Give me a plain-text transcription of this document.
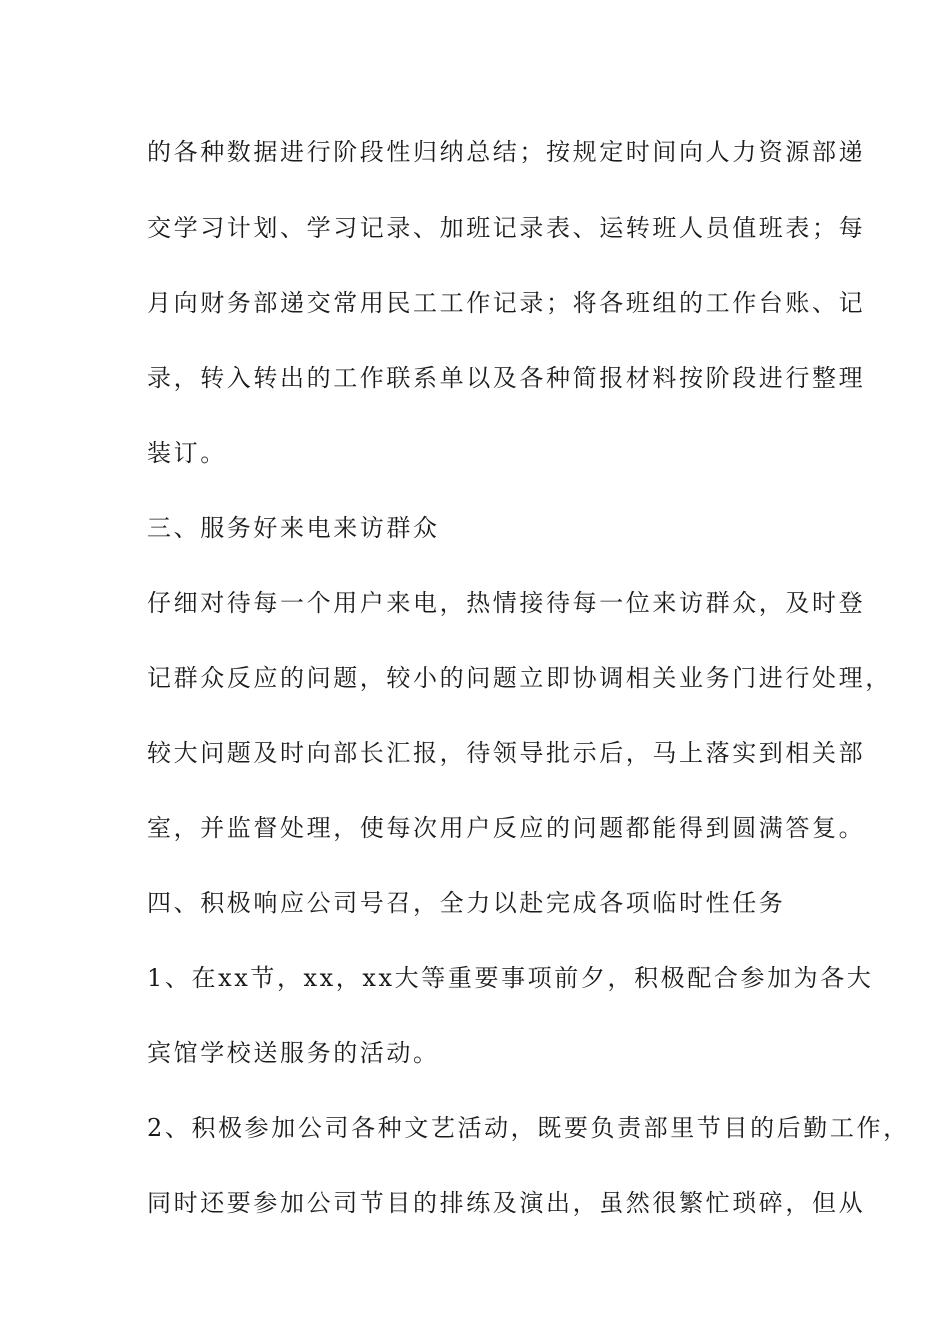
的各种数据进行阶段性归纳总结；按规定时间向人力资源部递
交学习计划、学习记录、加班记录表、运转班人员值班表；每
月向财务部递交常用民工工作记录；将各班组的工作台账、记
录，转入转出的工作联系单以及各种简报材料按阶段进行整理
装订。
三、服务好来电来访群众
仔细对待每一个用户来电，热情接待每一位来访群众，及时登
记群众反应的问题，较小的问题立即协调相关业务门进行处理，
较大问题及时向部长汇报，待领导批示后，马上落实到相关部
室，并监督处理，使每次用户反应的问题都能得到圆满答复。
四、积极响应公司号召，全力以赴完成各项临时性任务
1、在xx节，xx，xx大等重要事项前夕，积极配合参加为各大
宾馆学校送服务的活动。
2、积极参加公司各种文艺活动，既要负责部里节目的后勤工作，
同时还要参加公司节目的排练及演出，虽然很繁忙琐碎，但从
